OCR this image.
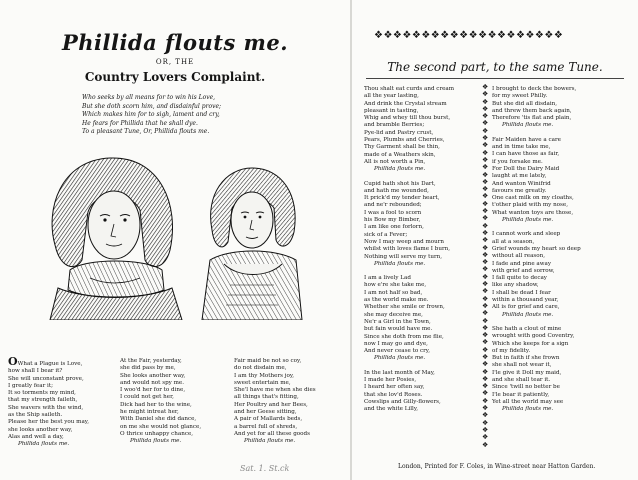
Phillida flouts me.
OR, THE
Country Lovers Complaint.
Who seeks by all means for to win his Love,
But she doth scorn him, and disdainful prove;
Which makes him for to sigh, lament and cry,
He fears for Phillida that he shall dye.
To a pleasant Tune, Or, Phillida flouts me.
OWhat a Plague is Love,
how shall I bear it?
She will unconstant prove,
I greatly fear it;
It so torments my mind,
that my strength faileth,
She wavers with the wind,
as the Ship saileth.
Please her the best you may,
she looks another way,
Alas and well a day,
Phillida flouts me.
At the Fair, yesterday,
she did pass by me,
She looks another way,
and would not spy me.
I woo'd her for to dine,
I could not get her,
Dick had her to the wine,
he might intreat her,
With Daniel she did dance,
on me she would not glance,
O thrice unhappy chance,
Phillida flouts me.
Fair maid be not so coy,
do not disdain me,
I am thy Mothers joy,
sweet entertain me,
She'l have me when she dies
all things that's fitting,
Her Poultry and her Bees,
and her Geese sitting,
A pair of Mallards beds,
a barrel full of shreds,
And yet for all these goods
Phillida flouts me.
Sat. 1. St.ck
❖❖❖❖❖❖❖❖❖❖❖❖❖❖❖❖❖❖❖❖
The second part, to the same Tune.
Thou shalt eat curds and cream
all the year lasting,
And drink the Crystal stream
pleasant in tasting,
Whig and whey till thou burst,
and bramble Berries;
Pye-lid and Pastry crust,
Pears, Plumbs and Cherries,
Thy Garment shall be thin,
made of a Weathers skin,
All is not worth a Pin,
Phillida flouts me.
Cupid hath shot his Dart,
and hath me wounded,
It prick'd my tender heart,
and ne'r rebounded;
I was a fool to scorn
his Bow my Bimber,
I am like one forlorn,
sick of a Fever;
Now I may weep and mourn
whilst with loves flame I burn,
Nothing will serve my turn,
Phillida flouts me.
I am a lively Lad
how e're she take me,
I am not half so bad,
as the world make me.
Whether she smile or frown,
she may deceive me,
Ne'r a Girl in the Town,
but fain would have me.
Since she doth from me flie,
now I may go and dye,
And never cease to cry,
Phillida flouts me.
In the last month of May,
I made her Posies,
I heard her often say,
that she lov'd Roses.
Cowslips and Gilly-flowers,
and the white Lilly,
❖
❖
❖
❖
❖
❖
❖
❖
❖
❖
❖
❖
❖
❖
❖
❖
❖
❖
❖
❖
❖
❖
❖
❖
❖
❖
❖
❖
❖
❖
❖
❖
❖
❖
❖
❖
❖
❖
❖
❖
❖
❖
❖
❖
❖
❖
❖
❖
❖
❖
I brought to deck the bowers,
for my sweet Philly.
But she did all disdain,
and threw them back again,
Therefore 'tis flat and plain,
Phillida flouts me.
Fair Maiden have a care
and in time take me,
I can have those as fair,
if you forsake me.
For Doll the Dairy Maid
laught at me lately,
And wanton Winifrid
favours me greatly.
One cast milk on my cloaths,
t'other plaid with my nose,
What wanton toys are those,
Phillida flouts me.
I cannot work and sleep
all at a season,
Grief wounds my heart so deep
without all reason,
I fade and pine away
with grief and sorrow,
I fall quite to decay
like any shadow,
I shall be dead I fear
within a thousand year,
All is for grief and care,
Phillida flouts me.
She hath a clout of mine
wrought with good Coventry,
Which she keeps for a sign
of my fidelity.
But in faith if she frown
she shall not wear it,
I'le give it Doll my maid,
and she shall tear it.
Since 'twill no better be
I'le bear it patiently,
Yet all the world may see
Phillida flouts me.
London, Printed for F. Coles, in Wine-street near Hatton Garden.
